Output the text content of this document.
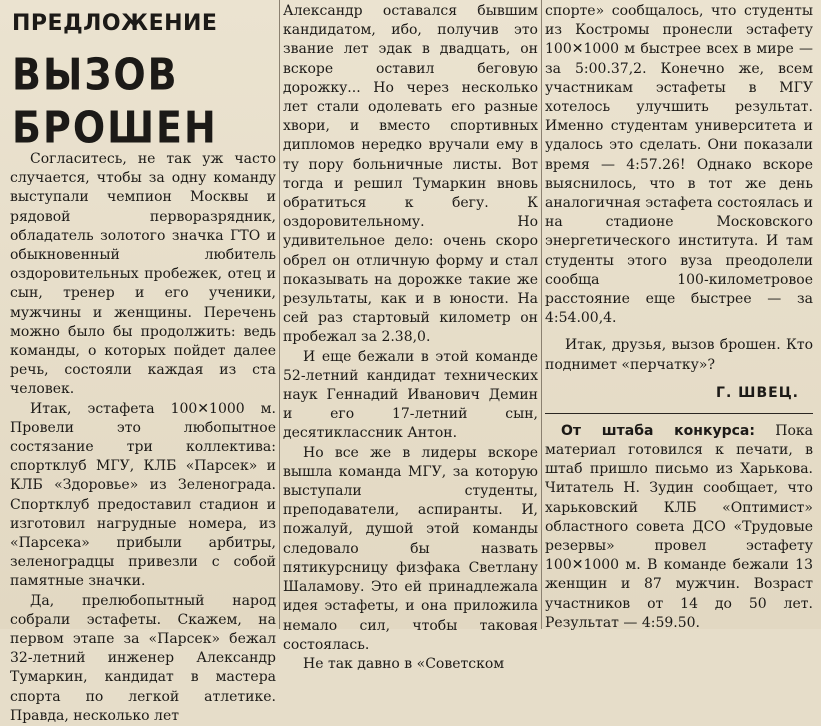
ПРЕДЛОЖЕНИЕ
ВЫЗОВ БРОШЕН

Согласитесь, не так уж часто случается, чтобы за одну команду выступали чемпион Москвы и рядовой перворазрядник, обладатель золотого значка ГТО и обыкновенный любитель оздоровительных пробежек, отец и сын, тренер и его ученики, мужчины и женщины. Перечень можно было бы продолжить: ведь команды, о которых пойдет далее речь, состояли каждая из ста человек.

Итак, эстафета 100✕1000 м. Провели это любопытное состязание три коллектива: спортклуб МГУ, КЛБ «Парсек» и КЛБ «Здоровье» из Зеленограда. Спортклуб предоставил стадион и изготовил нагрудные номера, из «Парсека» прибыли арбитры, зеленоградцы привезли с собой памятные значки.

Да, прелюбопытный народ собрали эстафеты. Скажем, на первом этапе за «Парсек» бежал 32-летний инженер Александр Тумаркин, кандидат в мастера спорта по легкой атлетике. Правда, несколько лет

Александр оставался бывшим кандидатом, ибо, получив это звание лет эдак в двадцать, он вскоре оставил беговую дорожку... Но через несколько лет стали одолевать его разные хвори, и вместо спортивных дипломов нередко вручали ему в ту пору больничные листы. Вот тогда и решил Тумаркин вновь обратиться к бегу. К оздоровительному. Но удивительное дело: очень скоро обрел он отличную форму и стал показывать на дорожке такие же результаты, как и в юности. На сей раз стартовый километр он пробежал за 2.38,0.

И еще бежали в этой команде 52-летний кандидат технических наук Геннадий Иванович Демин и его 17-летний сын, десятиклассник Антон.

Но все же в лидеры вскоре вышла команда МГУ, за которую выступали студенты, преподаватели, аспиранты. И, пожалуй, душой этой команды следовало бы назвать пятикурсницу физфака Светлану Шаламову. Это ей принадлежала идея эстафеты, и она приложила немало сил, чтобы таковая состоялась.

Не так давно в «Советском

спорте» сообщалось, что студенты из Костромы пронесли эстафету 100✕1000 м быстрее всех в мире — за 5:00.37,2. Конечно же, всем участникам эстафеты в МГУ хотелось улучшить результат. Именно студентам университета и удалось это сделать. Они показали время — 4:57.26! Однако вскоре выяснилось, что в тот же день аналогичная эстафета состоялась и на стадионе Московского энергетического института. И там студенты этого вуза преодолели сообща 100-километровое расстояние еще быстрее — за 4:54.00,4.

Итак, друзья, вызов брошен. Кто поднимет «перчатку»?

Г. ШВЕЦ.

От штаба конкурса: Пока материал готовился к печати, в штаб пришло письмо из Харькова. Читатель Н. Зудин сообщает, что харьковский КЛБ «Оптимист» областного совета ДСО «Трудовые резервы» провел эстафету 100✕1000 м. В команде бежали 13 женщин и 87 мужчин. Возраст участников от 14 до 50 лет. Результат — 4:59.50.
